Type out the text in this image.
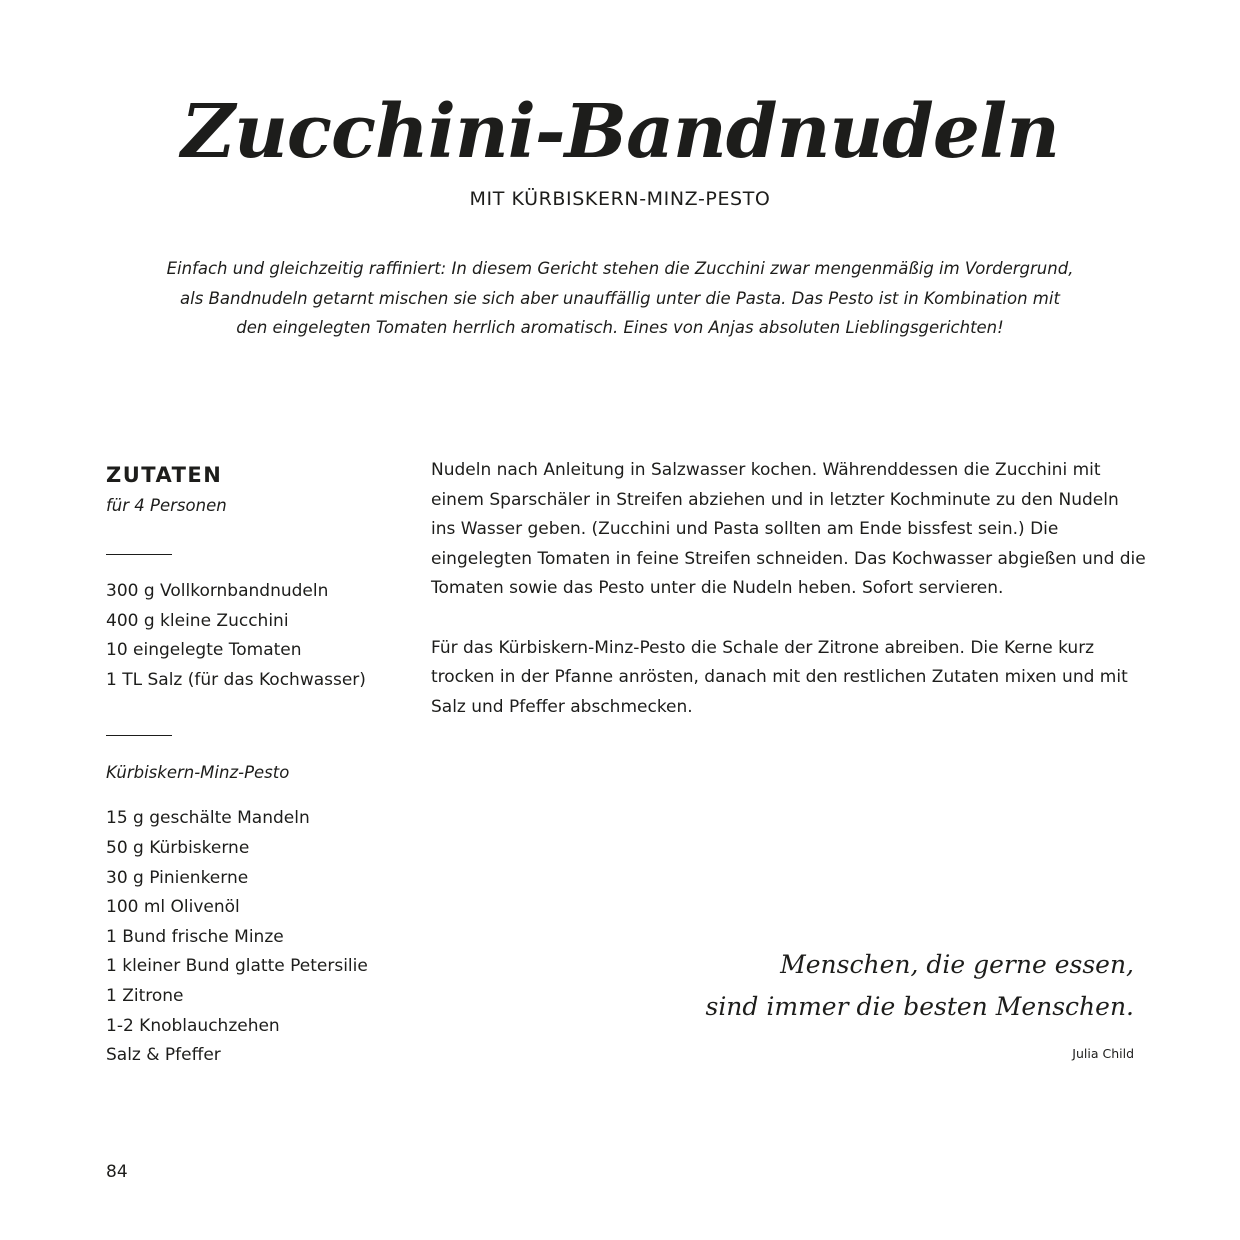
Zucchini-Bandnudeln
MIT KÜRBISKERN-MINZ-PESTO

Einfach und gleichzeitig raffiniert: In diesem Gericht stehen die Zucchini zwar mengenmäßig im Vordergrund,

als Bandnudeln getarnt mischen sie sich aber unauffällig unter die Pasta. Das Pesto ist in Kombination mit

den eingelegten Tomaten herrlich aromatisch. Eines von Anjas absoluten Lieblingsgerichten!

ZUTATEN

für 4 Personen

300 g Vollkornbandnudeln
400 g kleine Zucchini
10 eingelegte Tomaten
1 TL Salz (für das Kochwasser)

Kürbiskern-Minz-Pesto

15 g geschälte Mandeln
50 g Kürbiskerne
30 g Pinienkerne
100 ml Olivenöl
1 Bund frische Minze
1 kleiner Bund glatte Petersilie
1 Zitrone
1-2 Knoblauchzehen
Salz & Pfeffer

Nudeln nach Anleitung in Salzwasser kochen. Währenddessen die Zucchini mit einem Sparschäler in Streifen abziehen und in letzter Kochminute zu den Nudeln ins Wasser geben. (Zucchini und Pasta sollten am Ende bissfest sein.) Die eingelegten Tomaten in feine Streifen schneiden. Das Kochwasser abgießen und die Tomaten sowie das Pesto unter die Nudeln heben. Sofort servieren.

Für das Kürbiskern-Minz-Pesto die Schale der Zitrone abreiben. Die Kerne kurz trocken in der Pfanne anrösten, danach mit den restlichen Zutaten mixen und mit Salz und Pfeffer abschmecken.

Menschen, die gerne essen,

sind immer die besten Menschen.

Julia Child
84
